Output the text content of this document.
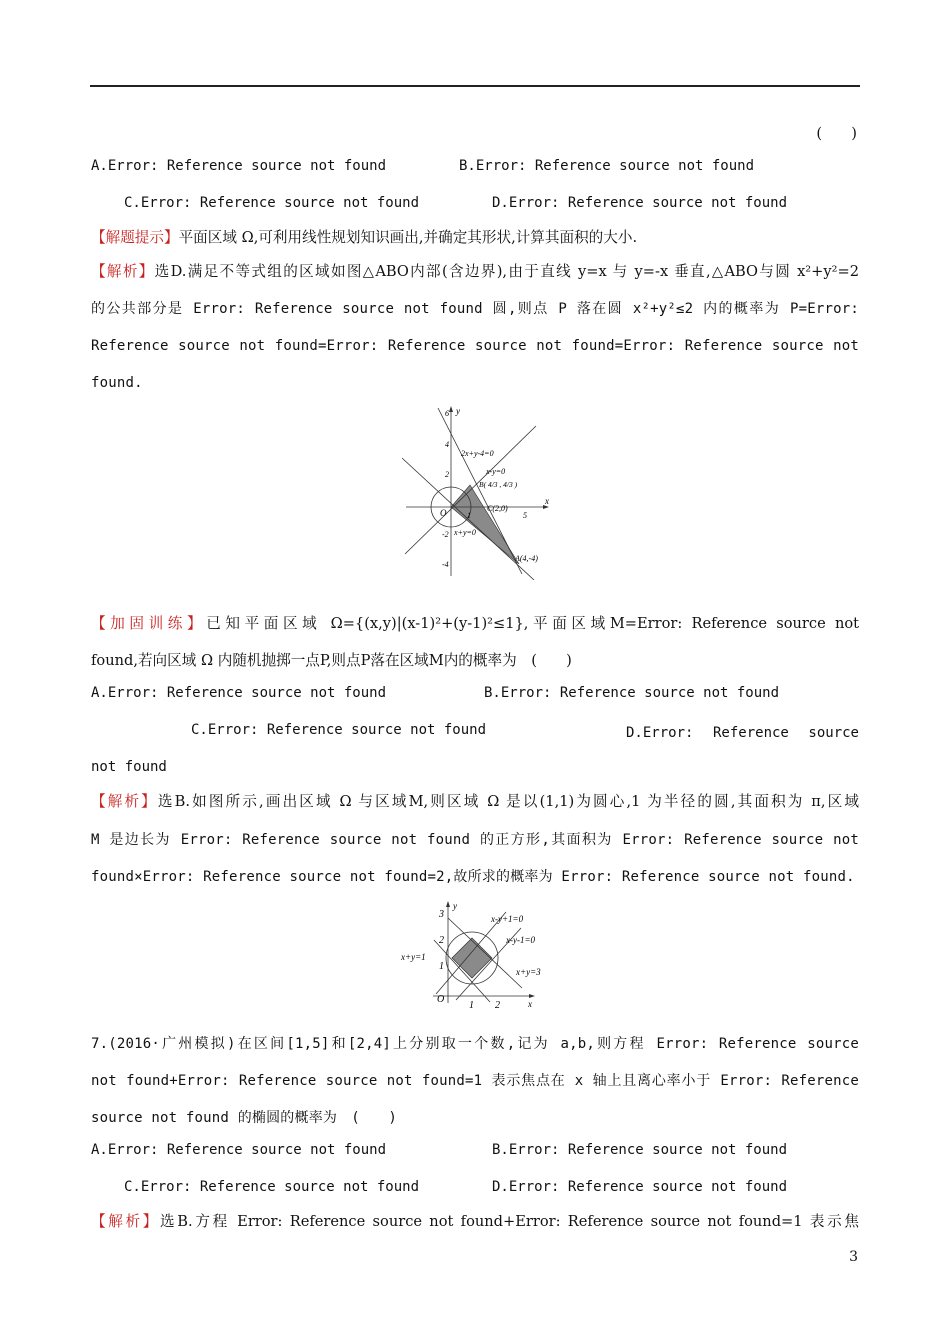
(　　)
A.Error: Reference source not found	B.Error: Reference source not found
C.Error: Reference source not found	D.Error: Reference source not found
【解题提示】平面区域 Ω,可利用线性规划知识画出,并确定其形状,计算其面积的大小.
【解析】选D.满足不等式组的区域如图△ABO内部(含边界),由于直线 y=x 与 y=-x 垂直,△ABO与圆 x²+y²=2
的公共部分是 Error: Reference source not found 圆,则点 P 落在圆 x²+y²≤2 内的概率为 P=Error:
Reference source not found=Error: Reference source not found=Error: Reference source not
found.
y
x
6
4
2
-2
-4
1	5
O
2x+y-4=0
x-y=0
x+y=0
B( 4/3 , 4/3 )
C(2,0)
A(4,-4)
【加固训练】已知平面区域 Ω={(x,y)|(x-1)²+(y-1)²≤1},平面区域M=Error: Reference source not
found,若向区域 Ω 内随机抛掷一点P,则点P落在区域M内的概率为　(　　)
A.Error: Reference source not found	B.Error: Reference source not found
C.Error: Reference source not found	D.Error:　Reference　source
not found
【解析】选B.如图所示,画出区域 Ω 与区域M,则区域 Ω 是以(1,1)为圆心,1 为半径的圆,其面积为 π,区域
M 是边长为 Error: Reference source not found 的正方形,其面积为 Error: Reference source not
found×Error: Reference source not found=2,故所求的概率为 Error: Reference source not found.
y
x
3
2
1
1 2
O
x-y+1=0
x-y-1=0
x+y=1
x+y=3
7.(2016·广州模拟)在区间[1,5]和[2,4]上分别取一个数,记为 a,b,则方程 Error: Reference source
not found+Error: Reference source not found=1 表示焦点在 x 轴上且离心率小于 Error: Reference
source not found 的椭圆的概率为　(　　)
A.Error: Reference source not found	B.Error: Reference source not found
C.Error: Reference source not found	D.Error: Reference source not found
【解析】选B.方程 Error: Reference source not found+Error: Reference source not found=1 表示焦
3
